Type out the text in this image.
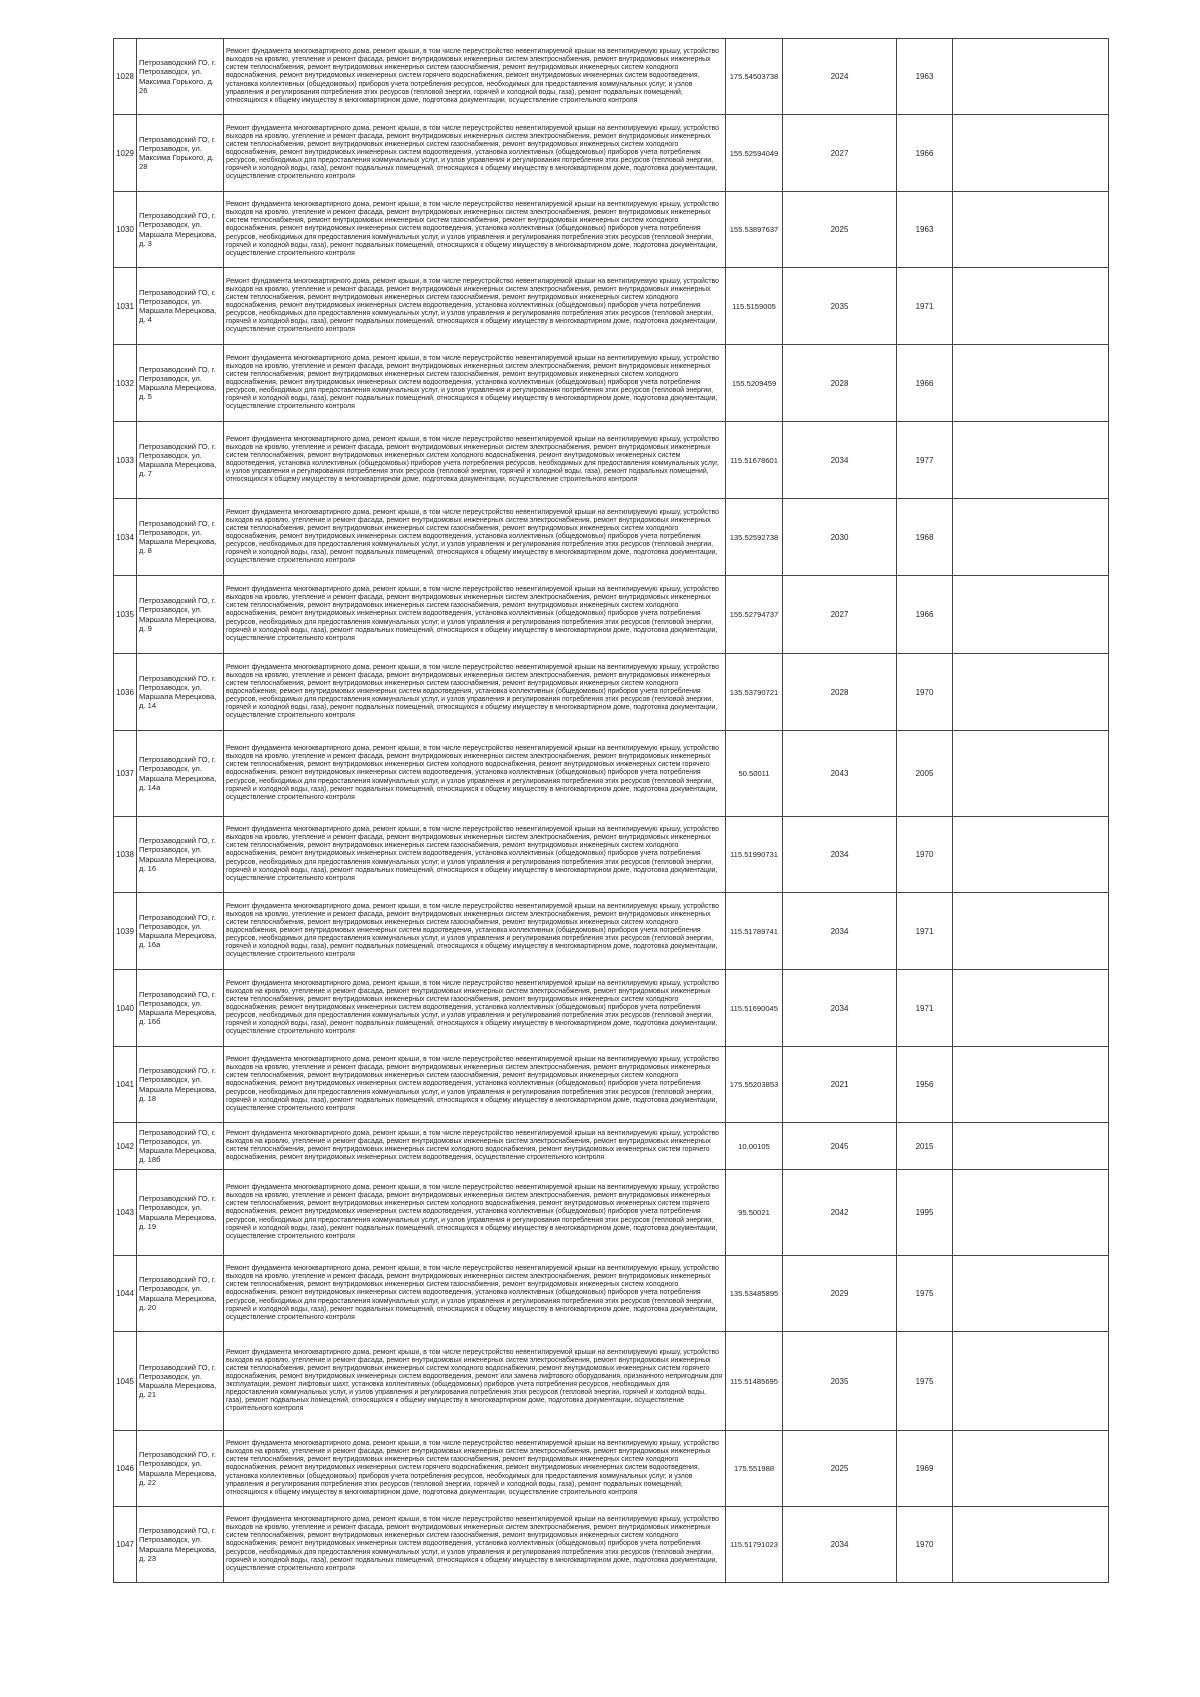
1028	Петрозаводский ГО, г. Петрозаводск, ул. Максима Горького, д. 26	Ремонт фундамента многоквартирного дома, ремонт крыши, в том числе переустройство невентилируемой крыши на вентилируемую крышу, устройство выходов на кровлю, утепление и ремонт фасада, ремонт внутридомовых инженерных систем электроснабжения, ремонт внутридомовых инженерных систем теплоснабжения, ремонт внутридомовых инженерных систем газоснабжения, ремонт внутридомовых инженерных систем холодного водоснабжения, ремонт внутридомовых инженерных систем горячего водоснабжения, ремонт внутридомовых инженерных систем водоотведения, установка коллективных (общедомовых) приборов учета потребления ресурсов, необходимых для предоставления коммунальных услуг, и узлов управления и регулирования потребления этих ресурсов (тепловой энергии, горячей и холодной воды, газа), ремонт подвальных помещений, относящихся к общему имуществу в многоквартирном доме, подготовка документации, осуществление строительного контроля	175.54503738	2024	1963	
1029	Петрозаводский ГО, г. Петрозаводск, ул. Максима Горького, д. 28	Ремонт фундамента многоквартирного дома, ремонт крыши, в том числе переустройство невентилируемой крыши на вентилируемую крышу, устройство выходов на кровлю, утепление и ремонт фасада, ремонт внутридомовых инженерных систем электроснабжения, ремонт внутридомовых инженерных систем теплоснабжения, ремонт внутридомовых инженерных систем газоснабжения, ремонт внутридомовых инженерных систем холодного водоснабжения, ремонт внутридомовых инженерных систем водоотведения, установка коллективных (общедомовых) приборов учета потребления ресурсов, необходимых для предоставления коммунальных услуг, и узлов управления и регулирования потребления этих ресурсов (тепловой энергии, горячей и холодной воды, газа), ремонт подвальных помещений, относящихся к общему имуществу в многоквартирном доме, подготовка документации, осуществление строительного контроля	155.52594049	2027	1966	
1030	Петрозаводский ГО, г. Петрозаводск, ул. Маршала Мерецкова, д. 3	Ремонт фундамента многоквартирного дома, ремонт крыши, в том числе переустройство невентилируемой крыши на вентилируемую крышу, устройство выходов на кровлю, утепление и ремонт фасада, ремонт внутридомовых инженерных систем электроснабжения, ремонт внутридомовых инженерных систем теплоснабжения, ремонт внутридомовых инженерных систем газоснабжения, ремонт внутридомовых инженерных систем холодного водоснабжения, ремонт внутридомовых инженерных систем водоотведения, установка коллективных (общедомовых) приборов учета потребления ресурсов, необходимых для предоставления коммунальных услуг, и узлов управления и регулирования потребления этих ресурсов (тепловой энергии, горячей и холодной воды, газа), ремонт подвальных помещений, относящихся к общему имуществу в многоквартирном доме, подготовка документации, осуществление строительного контроля	155.53897637	2025	1963	
1031	Петрозаводский ГО, г. Петрозаводск, ул. Маршала Мерецкова, д. 4	Ремонт фундамента многоквартирного дома, ремонт крыши, в том числе переустройство невентилируемой крыши на вентилируемую крышу, устройство выходов на кровлю, утепление и ремонт фасада, ремонт внутридомовых инженерных систем электроснабжения, ремонт внутридомовых инженерных систем теплоснабжения, ремонт внутридомовых инженерных систем газоснабжения, ремонт внутридомовых инженерных систем холодного водоснабжения, ремонт внутридомовых инженерных систем водоотведения, установка коллективных (общедомовых) приборов учета потребления ресурсов, необходимых для предоставления коммунальных услуг, и узлов управления и регулирования потребления этих ресурсов (тепловой энергии, горячей и холодной воды, газа), ремонт подвальных помещений, относящихся к общему имуществу в многоквартирном доме, подготовка документации, осуществление строительного контроля	115.5159005	2035	1971	
1032	Петрозаводский ГО, г. Петрозаводск, ул. Маршала Мерецкова, д. 5	Ремонт фундамента многоквартирного дома, ремонт крыши, в том числе переустройство невентилируемой крыши на вентилируемую крышу, устройство выходов на кровлю, утепление и ремонт фасада, ремонт внутридомовых инженерных систем электроснабжения, ремонт внутридомовых инженерных систем теплоснабжения, ремонт внутридомовых инженерных систем газоснабжения, ремонт внутридомовых инженерных систем холодного водоснабжения, ремонт внутридомовых инженерных систем водоотведения, установка коллективных (общедомовых) приборов учета потребления ресурсов, необходимых для предоставления коммунальных услуг, и узлов управления и регулирования потребления этих ресурсов (тепловой энергии, горячей и холодной воды, газа), ремонт подвальных помещений, относящихся к общему имуществу в многоквартирном доме, подготовка документации, осуществление строительного контроля	155.5209459	2028	1966	
1033	Петрозаводский ГО, г. Петрозаводск, ул. Маршала Мерецкова, д. 7	Ремонт фундамента многоквартирного дома, ремонт крыши, в том числе переустройство невентилируемой крыши на вентилируемую крышу, устройство выходов на кровлю, утепление и ремонт фасада, ремонт внутридомовых инженерных систем электроснабжения, ремонт внутридомовых инженерных систем теплоснабжения, ремонт внутридомовых инженерных систем холодного водоснабжения, ремонт внутридомовых инженерных систем водоотведения, установка коллективных (общедомовых) приборов учета потребления ресурсов, необходимых для предоставления коммунальных услуг, и узлов управления и регулирования потребления этих ресурсов (тепловой энергии, горячей и холодной воды, газа), ремонт подвальных помещений, относящихся к общему имуществу в многоквартирном доме, подготовка документации, осуществление строительного контроля	115.51678601	2034	1977	
1034	Петрозаводский ГО, г. Петрозаводск, ул. Маршала Мерецкова, д. 8	Ремонт фундамента многоквартирного дома, ремонт крыши, в том числе переустройство невентилируемой крыши на вентилируемую крышу, устройство выходов на кровлю, утепление и ремонт фасада, ремонт внутридомовых инженерных систем электроснабжения, ремонт внутридомовых инженерных систем теплоснабжения, ремонт внутридомовых инженерных систем газоснабжения, ремонт внутридомовых инженерных систем холодного водоснабжения, ремонт внутридомовых инженерных систем водоотведения, установка коллективных (общедомовых) приборов учета потребления ресурсов, необходимых для предоставления коммунальных услуг, и узлов управления и регулирования потребления этих ресурсов (тепловой энергии, горячей и холодной воды, газа), ремонт подвальных помещений, относящихся к общему имуществу в многоквартирном доме, подготовка документации, осуществление строительного контроля	135.52592738	2030	1968	
1035	Петрозаводский ГО, г. Петрозаводск, ул. Маршала Мерецкова, д. 9	Ремонт фундамента многоквартирного дома, ремонт крыши, в том числе переустройство невентилируемой крыши на вентилируемую крышу, устройство выходов на кровлю, утепление и ремонт фасада, ремонт внутридомовых инженерных систем электроснабжения, ремонт внутридомовых инженерных систем теплоснабжения, ремонт внутридомовых инженерных систем газоснабжения, ремонт внутридомовых инженерных систем холодного водоснабжения, ремонт внутридомовых инженерных систем водоотведения, установка коллективных (общедомовых) приборов учета потребления ресурсов, необходимых для предоставления коммунальных услуг, и узлов управления и регулирования потребления этих ресурсов (тепловой энергии, горячей и холодной воды, газа), ремонт подвальных помещений, относящихся к общему имуществу в многоквартирном доме, подготовка документации, осуществление строительного контроля	155.52794737	2027	1966	
1036	Петрозаводский ГО, г. Петрозаводск, ул. Маршала Мерецкова, д. 14	Ремонт фундамента многоквартирного дома, ремонт крыши, в том числе переустройство невентилируемой крыши на вентилируемую крышу, устройство выходов на кровлю, утепление и ремонт фасада, ремонт внутридомовых инженерных систем электроснабжения, ремонт внутридомовых инженерных систем теплоснабжения, ремонт внутридомовых инженерных систем газоснабжения, ремонт внутридомовых инженерных систем холодного водоснабжения, ремонт внутридомовых инженерных систем водоотведения, установка коллективных (общедомовых) приборов учета потребления ресурсов, необходимых для предоставления коммунальных услуг, и узлов управления и регулирования потребления этих ресурсов (тепловой энергии, горячей и холодной воды, газа), ремонт подвальных помещений, относящихся к общему имуществу в многоквартирном доме, подготовка документации, осуществление строительного контроля	135.53790721	2028	1970	
1037	Петрозаводский ГО, г. Петрозаводск, ул. Маршала Мерецкова, д. 14а	Ремонт фундамента многоквартирного дома, ремонт крыши, в том числе переустройство невентилируемой крыши на вентилируемую крышу, устройство выходов на кровлю, утепление и ремонт фасада, ремонт внутридомовых инженерных систем электроснабжения, ремонт внутридомовых инженерных систем теплоснабжения, ремонт внутридомовых инженерных систем холодного водоснабжения, ремонт внутридомовых инженерных систем горячего водоснабжения, ремонт внутридомовых инженерных систем водоотведения, установка коллективных (общедомовых) приборов учета потребления ресурсов, необходимых для предоставления коммунальных услуг, и узлов управления и регулирования потребления этих ресурсов (тепловой энергии, горячей и холодной воды, газа), ремонт подвальных помещений, относящихся к общему имуществу в многоквартирном доме, подготовка документации, осуществление строительного контроля	50.50011	2043	2005	
1038	Петрозаводский ГО, г. Петрозаводск, ул. Маршала Мерецкова, д. 16	Ремонт фундамента многоквартирного дома, ремонт крыши, в том числе переустройство невентилируемой крыши на вентилируемую крышу, устройство выходов на кровлю, утепление и ремонт фасада, ремонт внутридомовых инженерных систем электроснабжения, ремонт внутридомовых инженерных систем теплоснабжения, ремонт внутридомовых инженерных систем газоснабжения, ремонт внутридомовых инженерных систем холодного водоснабжения, ремонт внутридомовых инженерных систем водоотведения, установка коллективных (общедомовых) приборов учета потребления ресурсов, необходимых для предоставления коммунальных услуг, и узлов управления и регулирования потребления этих ресурсов (тепловой энергии, горячей и холодной воды, газа), ремонт подвальных помещений, относящихся к общему имуществу в многоквартирном доме, подготовка документации, осуществление строительного контроля	115.51990731	2034	1970	
1039	Петрозаводский ГО, г. Петрозаводск, ул. Маршала Мерецкова, д. 16а	Ремонт фундамента многоквартирного дома, ремонт крыши, в том числе переустройство невентилируемой крыши на вентилируемую крышу, устройство выходов на кровлю, утепление и ремонт фасада, ремонт внутридомовых инженерных систем электроснабжения, ремонт внутридомовых инженерных систем теплоснабжения, ремонт внутридомовых инженерных систем газоснабжения, ремонт внутридомовых инженерных систем холодного водоснабжения, ремонт внутридомовых инженерных систем водоотведения, установка коллективных (общедомовых) приборов учета потребления ресурсов, необходимых для предоставления коммунальных услуг, и узлов управления и регулирования потребления этих ресурсов (тепловой энергии, горячей и холодной воды, газа), ремонт подвальных помещений, относящихся к общему имуществу в многоквартирном доме, подготовка документации, осуществление строительного контроля	115.51789741	2034	1971	
1040	Петрозаводский ГО, г. Петрозаводск, ул. Маршала Мерецкова, д. 16б	Ремонт фундамента многоквартирного дома, ремонт крыши, в том числе переустройство невентилируемой крыши на вентилируемую крышу, устройство выходов на кровлю, утепление и ремонт фасада, ремонт внутридомовых инженерных систем электроснабжения, ремонт внутридомовых инженерных систем теплоснабжения, ремонт внутридомовых инженерных систем газоснабжения, ремонт внутридомовых инженерных систем холодного водоснабжения, ремонт внутридомовых инженерных систем водоотведения, установка коллективных (общедомовых) приборов учета потребления ресурсов, необходимых для предоставления коммунальных услуг, и узлов управления и регулирования потребления этих ресурсов (тепловой энергии, горячей и холодной воды, газа), ремонт подвальных помещений, относящихся к общему имуществу в многоквартирном доме, подготовка документации, осуществление строительного контроля	115.51690045	2034	1971	
1041	Петрозаводский ГО, г. Петрозаводск, ул. Маршала Мерецкова, д. 18	Ремонт фундамента многоквартирного дома, ремонт крыши, в том числе переустройство невентилируемой крыши на вентилируемую крышу, устройство выходов на кровлю, утепление и ремонт фасада, ремонт внутридомовых инженерных систем электроснабжения, ремонт внутридомовых инженерных систем теплоснабжения, ремонт внутридомовых инженерных систем газоснабжения, ремонт внутридомовых инженерных систем холодного водоснабжения, ремонт внутридомовых инженерных систем водоотведения, установка коллективных (общедомовых) приборов учета потребления ресурсов, необходимых для предоставления коммунальных услуг, и узлов управления и регулирования потребления этих ресурсов (тепловой энергии, горячей и холодной воды, газа), ремонт подвальных помещений, относящихся к общему имуществу в многоквартирном доме, подготовка документации, осуществление строительного контроля	175.55203853	2021	1956	
1042	Петрозаводский ГО, г. Петрозаводск, ул. Маршала Мерецкова, д. 18б	Ремонт фундамента многоквартирного дома, ремонт крыши, в том числе переустройство невентилируемой крыши на вентилируемую крышу, устройство выходов на кровлю, утепление и ремонт фасада, ремонт внутридомовых инженерных систем электроснабжения, ремонт внутридомовых инженерных систем теплоснабжения, ремонт внутридомовых инженерных систем холодного водоснабжения, ремонт внутридомовых инженерных систем горячего водоснабжения, ремонт внутридомовых инженерных систем водоотведения, осуществление строительного контроля	10.00105	2045	2015	
1043	Петрозаводский ГО, г. Петрозаводск, ул. Маршала Мерецкова, д. 19	Ремонт фундамента многоквартирного дома, ремонт крыши, в том числе переустройство невентилируемой крыши на вентилируемую крышу, устройство выходов на кровлю, утепление и ремонт фасада, ремонт внутридомовых инженерных систем электроснабжения, ремонт внутридомовых инженерных систем теплоснабжения, ремонт внутридомовых инженерных систем холодного водоснабжения, ремонт внутридомовых инженерных систем горячего водоснабжения, ремонт внутридомовых инженерных систем водоотведения, установка коллективных (общедомовых) приборов учета потребления ресурсов, необходимых для предоставления коммунальных услуг, и узлов управления и регулирования потребления этих ресурсов (тепловой энергии, горячей и холодной воды, газа), ремонт подвальных помещений, относящихся к общему имуществу в многоквартирном доме, подготовка документации, осуществление строительного контроля	95.50021	2042	1995	
1044	Петрозаводский ГО, г. Петрозаводск, ул. Маршала Мерецкова, д. 20	Ремонт фундамента многоквартирного дома, ремонт крыши, в том числе переустройство невентилируемой крыши на вентилируемую крышу, устройство выходов на кровлю, утепление и ремонт фасада, ремонт внутридомовых инженерных систем электроснабжения, ремонт внутридомовых инженерных систем теплоснабжения, ремонт внутридомовых инженерных систем газоснабжения, ремонт внутридомовых инженерных систем холодного водоснабжения, ремонт внутридомовых инженерных систем водоотведения, установка коллективных (общедомовых) приборов учета потребления ресурсов, необходимых для предоставления коммунальных услуг, и узлов управления и регулирования потребления этих ресурсов (тепловой энергии, горячей и холодной воды, газа), ремонт подвальных помещений, относящихся к общему имуществу в многоквартирном доме, подготовка документации, осуществление строительного контроля	135.53485895	2029	1975	
1045	Петрозаводский ГО, г. Петрозаводск, ул. Маршала Мерецкова, д. 21	Ремонт фундамента многоквартирного дома, ремонт крыши, в том числе переустройство невентилируемой крыши на вентилируемую крышу, устройство выходов на кровлю, утепление и ремонт фасада, ремонт внутридомовых инженерных систем электроснабжения, ремонт внутридомовых инженерных систем теплоснабжения, ремонт внутридомовых инженерных систем холодного водоснабжения, ремонт внутридомовых инженерных систем горячего водоснабжения, ремонт внутридомовых инженерных систем водоотведения, ремонт или замена лифтового оборудования, признанного непригодным для эксплуатации, ремонт лифтовых шахт, установка коллективных (общедомовых) приборов учета потребления ресурсов, необходимых для предоставления коммунальных услуг, и узлов управления и регулирования потребления этих ресурсов (тепловой энергии, горячей и холодной воды, газа), ремонт подвальных помещений, относящихся к общему имуществу в многоквартирном доме, подготовка документации, осуществление строительного контроля	115.51485695	2035	1975	
1046	Петрозаводский ГО, г. Петрозаводск, ул. Маршала Мерецкова, д. 22	Ремонт фундамента многоквартирного дома, ремонт крыши, в том числе переустройство невентилируемой крыши на вентилируемую крышу, устройство выходов на кровлю, утепление и ремонт фасада, ремонт внутридомовых инженерных систем электроснабжения, ремонт внутридомовых инженерных систем теплоснабжения, ремонт внутридомовых инженерных систем газоснабжения, ремонт внутридомовых инженерных систем холодного водоснабжения, ремонт внутридомовых инженерных систем горячего водоснабжения, ремонт внутридомовых инженерных систем водоотведения, установка коллективных (общедомовых) приборов учета потребления ресурсов, необходимых для предоставления коммунальных услуг, и узлов управления и регулирования потребления этих ресурсов (тепловой энергии, горячей и холодной воды, газа), ремонт подвальных помещений, относящихся к общему имуществу в многоквартирном доме, подготовка документации, осуществление строительного контроля	175.551988	2025	1969	
1047	Петрозаводский ГО, г. Петрозаводск, ул. Маршала Мерецкова, д. 23	Ремонт фундамента многоквартирного дома, ремонт крыши, в том числе переустройство невентилируемой крыши на вентилируемую крышу, устройство выходов на кровлю, утепление и ремонт фасада, ремонт внутридомовых инженерных систем электроснабжения, ремонт внутридомовых инженерных систем теплоснабжения, ремонт внутридомовых инженерных систем газоснабжения, ремонт внутридомовых инженерных систем холодного водоснабжения, ремонт внутридомовых инженерных систем водоотведения, установка коллективных (общедомовых) приборов учета потребления ресурсов, необходимых для предоставления коммунальных услуг, и узлов управления и регулирования потребления этих ресурсов (тепловой энергии, горячей и холодной воды, газа), ремонт подвальных помещений, относящихся к общему имуществу в многоквартирном доме, подготовка документации, осуществление строительного контроля	115.51791023	2034	1970	
